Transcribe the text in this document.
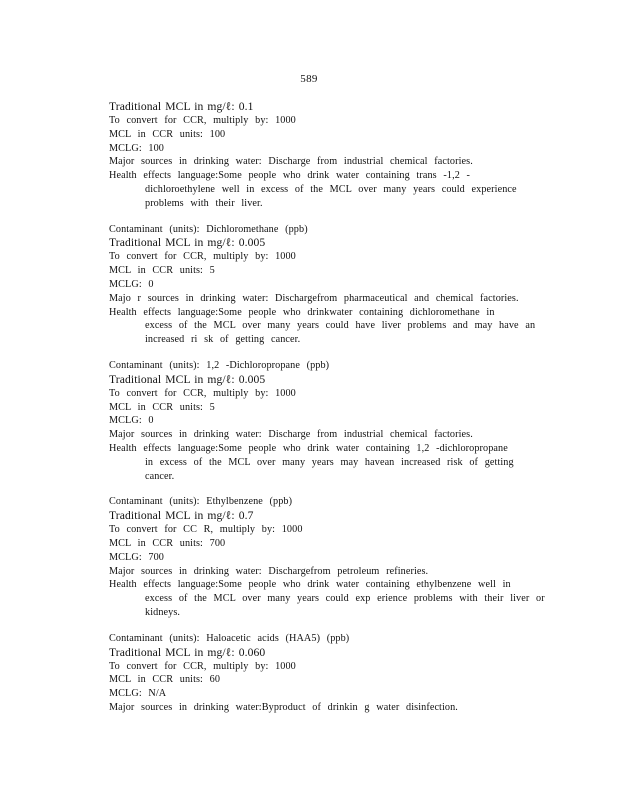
589
Traditional MCL in mg/ℓ: 0.1
To convert for CCR, multiply by: 1000
MCL in CCR units: 100
MCLG: 100
Major sources in drinking water: Discharge from industrial chemical factories.
Health effects language:Some people who drink water containing trans -1,2 -
dichloroethylene well in excess of the MCL over many years could experience
problems with their liver.
Contaminant (units): Dichloromethane (ppb)
Traditional MCL in mg/ℓ: 0.005
To convert for CCR, multiply by: 1000
MCL in CCR units: 5
MCLG: 0
Majo r sources in drinking water: Dischargefrom pharmaceutical and chemical factories.
Health effects language:Some people who drinkwater containing dichloromethane in
excess of the MCL over many years could have liver problems and may have an
increased ri sk of getting cancer.
Contaminant (units): 1,2 -Dichloropropane (ppb)
Traditional MCL in mg/ℓ: 0.005
To convert for CCR, multiply by: 1000
MCL in CCR units: 5
MCLG: 0
Major sources in drinking water: Discharge from industrial chemical factories.
Health effects language:Some people who drink water containing 1,2 -dichloropropane
in excess of the MCL over many years may havean increased risk of getting
cancer.
Contaminant (units): Ethylbenzene (ppb)
Traditional MCL in mg/ℓ: 0.7
To convert for CC R, multiply by: 1000
MCL in CCR units: 700
MCLG: 700
Major sources in drinking water: Dischargefrom petroleum refineries.
Health effects language:Some people who drink water containing ethylbenzene well in
excess of the MCL over many years could exp erience problems with their liver or
kidneys.
Contaminant (units): Haloacetic acids (HAA5) (ppb)
Traditional MCL in mg/ℓ: 0.060
To convert for CCR, multiply by: 1000
MCL in CCR units: 60
MCLG: N/A
Major sources in drinking water:Byproduct of drinkin g water disinfection.
